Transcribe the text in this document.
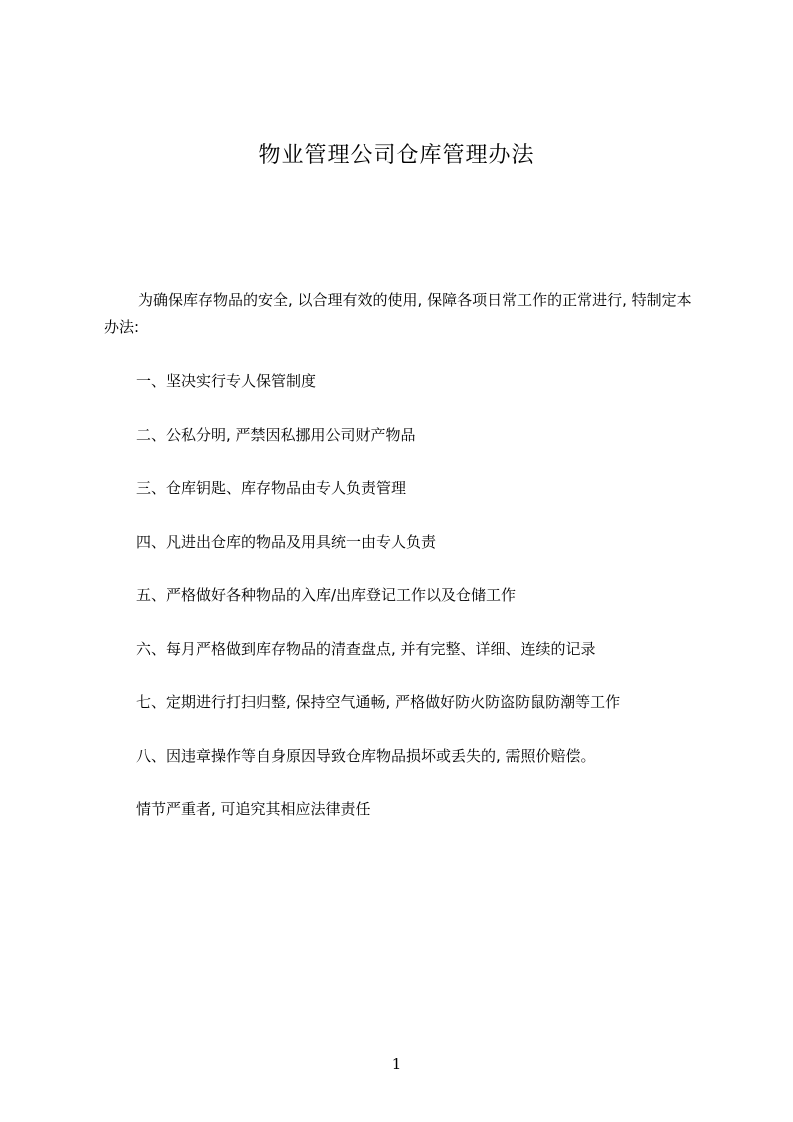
物业管理公司仓库管理办法

为确保库存物品的安全, 以合理有效的使用, 保障各项日常工作的正常进行, 特制定本办法:

一、坚决实行专人保管制度
二、公私分明, 严禁因私挪用公司财产物品
三、仓库钥匙、库存物品由专人负责管理
四、凡进出仓库的物品及用具统一由专人负责
五、严格做好各种物品的入库/出库登记工作以及仓储工作
六、每月严格做到库存物品的清查盘点, 并有完整、详细、连续的记录
七、定期进行打扫归整, 保持空气通畅, 严格做好防火防盗防鼠防潮等工作
八、因违章操作等自身原因导致仓库物品损坏或丢失的, 需照价赔偿。
情节严重者, 可追究其相应法律责任
1
